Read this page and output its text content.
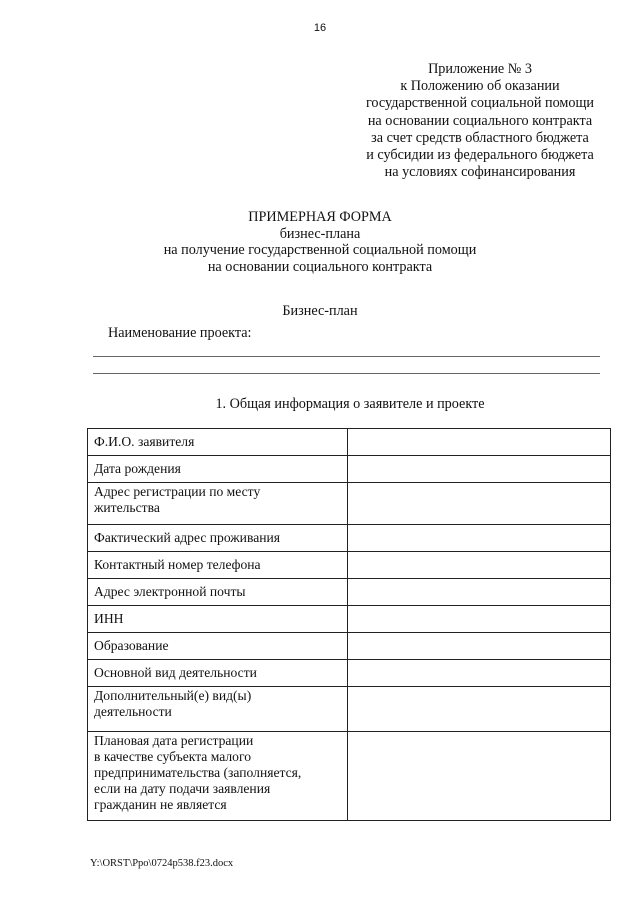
16
Приложение № 3
к Положению об оказании
государственной социальной помощи
на основании социального контракта
за счет средств областного бюджета
и субсидии из федерального бюджета
на условиях софинансирования
ПРИМЕРНАЯ ФОРМА
бизнес-плана
на получение государственной социальной помощи
на основании социального контракта
Бизнес-план
Наименование проекта:
1. Общая информация о заявителе и проекте
Ф.И.О. заявителя	

Дата рождения	

Адрес регистрации по месту
жительства	

Фактический адрес проживания	

Контактный номер телефона	

Адрес электронной почты	

ИНН	

Образование	

Основной вид деятельности	

Дополнительный(е) вид(ы)
деятельности	

Плановая дата регистрации
в качестве субъекта малого
предпринимательства (заполняется,
если на дату подачи заявления
гражданин не является	

Y:\ORST\Ppo\0724p538.f23.docx
